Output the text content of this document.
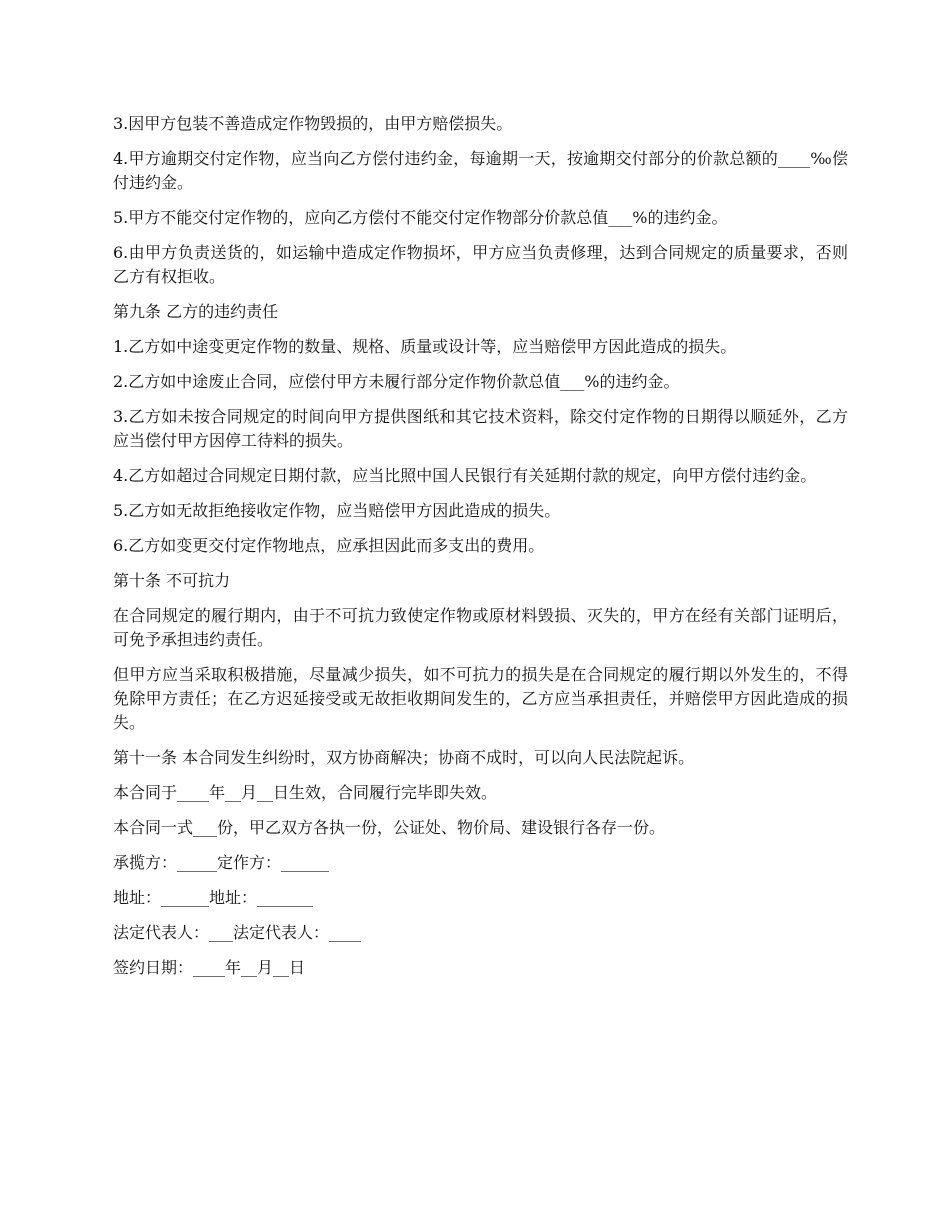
3.因甲方包装不善造成定作物毁损的，由甲方赔偿损失。

4.甲方逾期交付定作物，应当向乙方偿付违约金，每逾期一天，按逾期交付部分的价款总额的____‰偿付违约金。

5.甲方不能交付定作物的，应向乙方偿付不能交付定作物部分价款总值___%的违约金。

6.由甲方负责送货的，如运输中造成定作物损坏，甲方应当负责修理，达到合同规定的质量要求，否则乙方有权拒收。

第九条 乙方的违约责任

1.乙方如中途变更定作物的数量、规格、质量或设计等，应当赔偿甲方因此造成的损失。

2.乙方如中途废止合同，应偿付甲方未履行部分定作物价款总值___%的违约金。

3.乙方如未按合同规定的时间向甲方提供图纸和其它技术资料，除交付定作物的日期得以顺延外，乙方应当偿付甲方因停工待料的损失。

4.乙方如超过合同规定日期付款，应当比照中国人民银行有关延期付款的规定，向甲方偿付违约金。

5.乙方如无故拒绝接收定作物，应当赔偿甲方因此造成的损失。

6.乙方如变更交付定作物地点，应承担因此而多支出的费用。

第十条 不可抗力

在合同规定的履行期内，由于不可抗力致使定作物或原材料毁损、灭失的，甲方在经有关部门证明后，可免予承担违约责任。

但甲方应当采取积极措施，尽量减少损失，如不可抗力的损失是在合同规定的履行期以外发生的，不得免除甲方责任；在乙方迟延接受或无故拒收期间发生的，乙方应当承担责任，并赔偿甲方因此造成的损失。

第十一条 本合同发生纠纷时，双方协商解决；协商不成时，可以向人民法院起诉。

本合同于____年__月__日生效，合同履行完毕即失效。

本合同一式___份，甲乙双方各执一份，公证处、物价局、建设银行各存一份。

承揽方：_____定作方：______

地址：______地址：_______

法定代表人：___法定代表人：____

签约日期：____年__月__日
